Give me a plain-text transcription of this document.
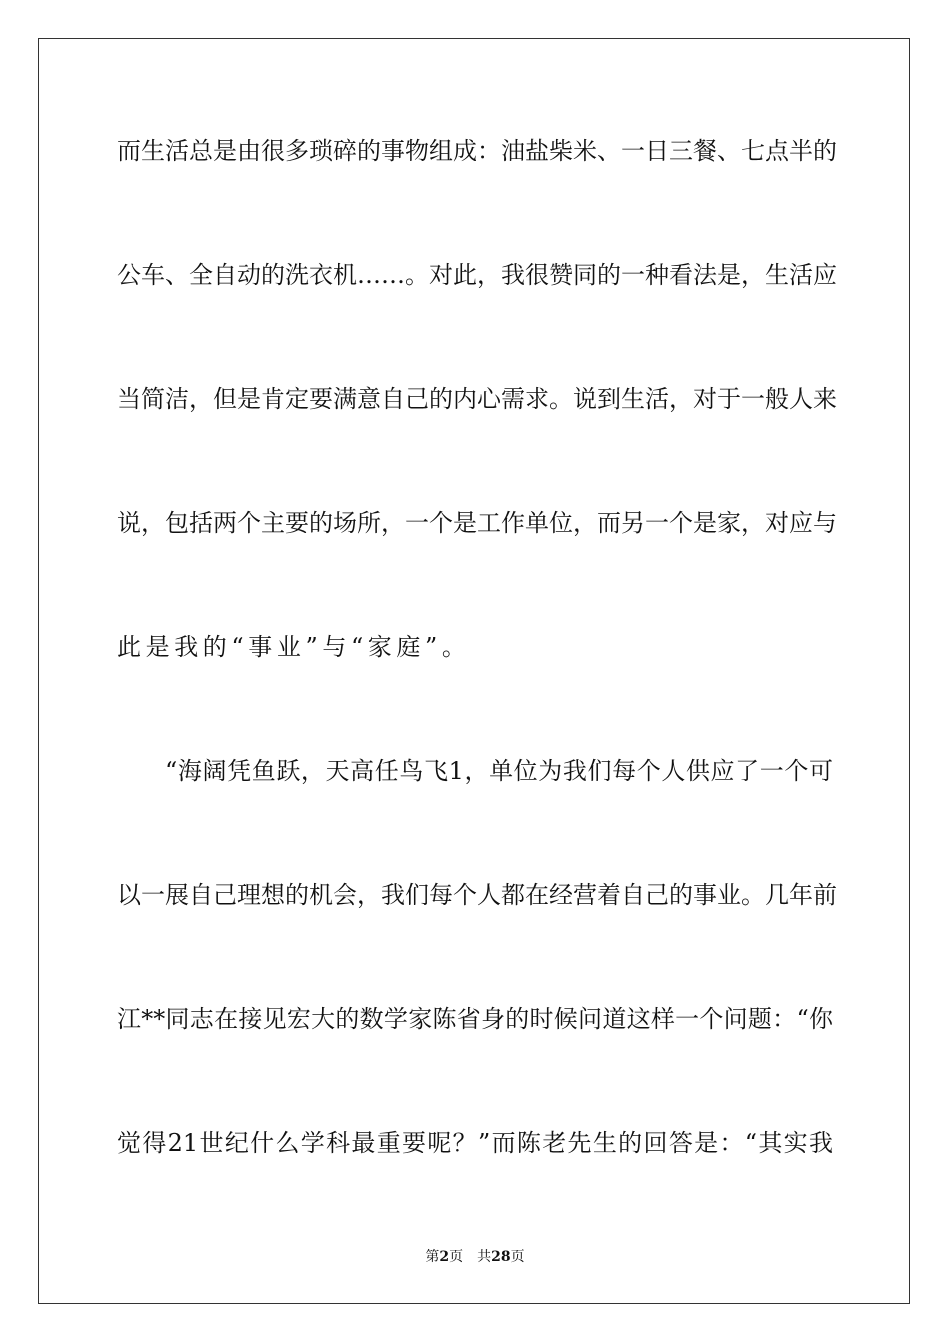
而生活总是由很多琐碎的事物组成：油盐柴米、一日三餐、七点半的
公车、全自动的洗衣机……。对此，我很赞同的一种看法是，生活应
当简洁，但是肯定要满意自己的内心需求。说到生活，对于一般人来
说，包括两个主要的场所，一个是工作单位，而另一个是家，对应与
此是我的“事业”与“家庭”。
“海阔凭鱼跃，天高任鸟飞1，单位为我们每个人供应了一个可
以一展自己理想的机会，我们每个人都在经营着自己的事业。几年前
江**同志在接见宏大的数学家陈省身的时候问道这样一个问题：“你
觉得21世纪什么学科最重要呢？”而陈老先生的回答是：“其实我
第2页 共28页
